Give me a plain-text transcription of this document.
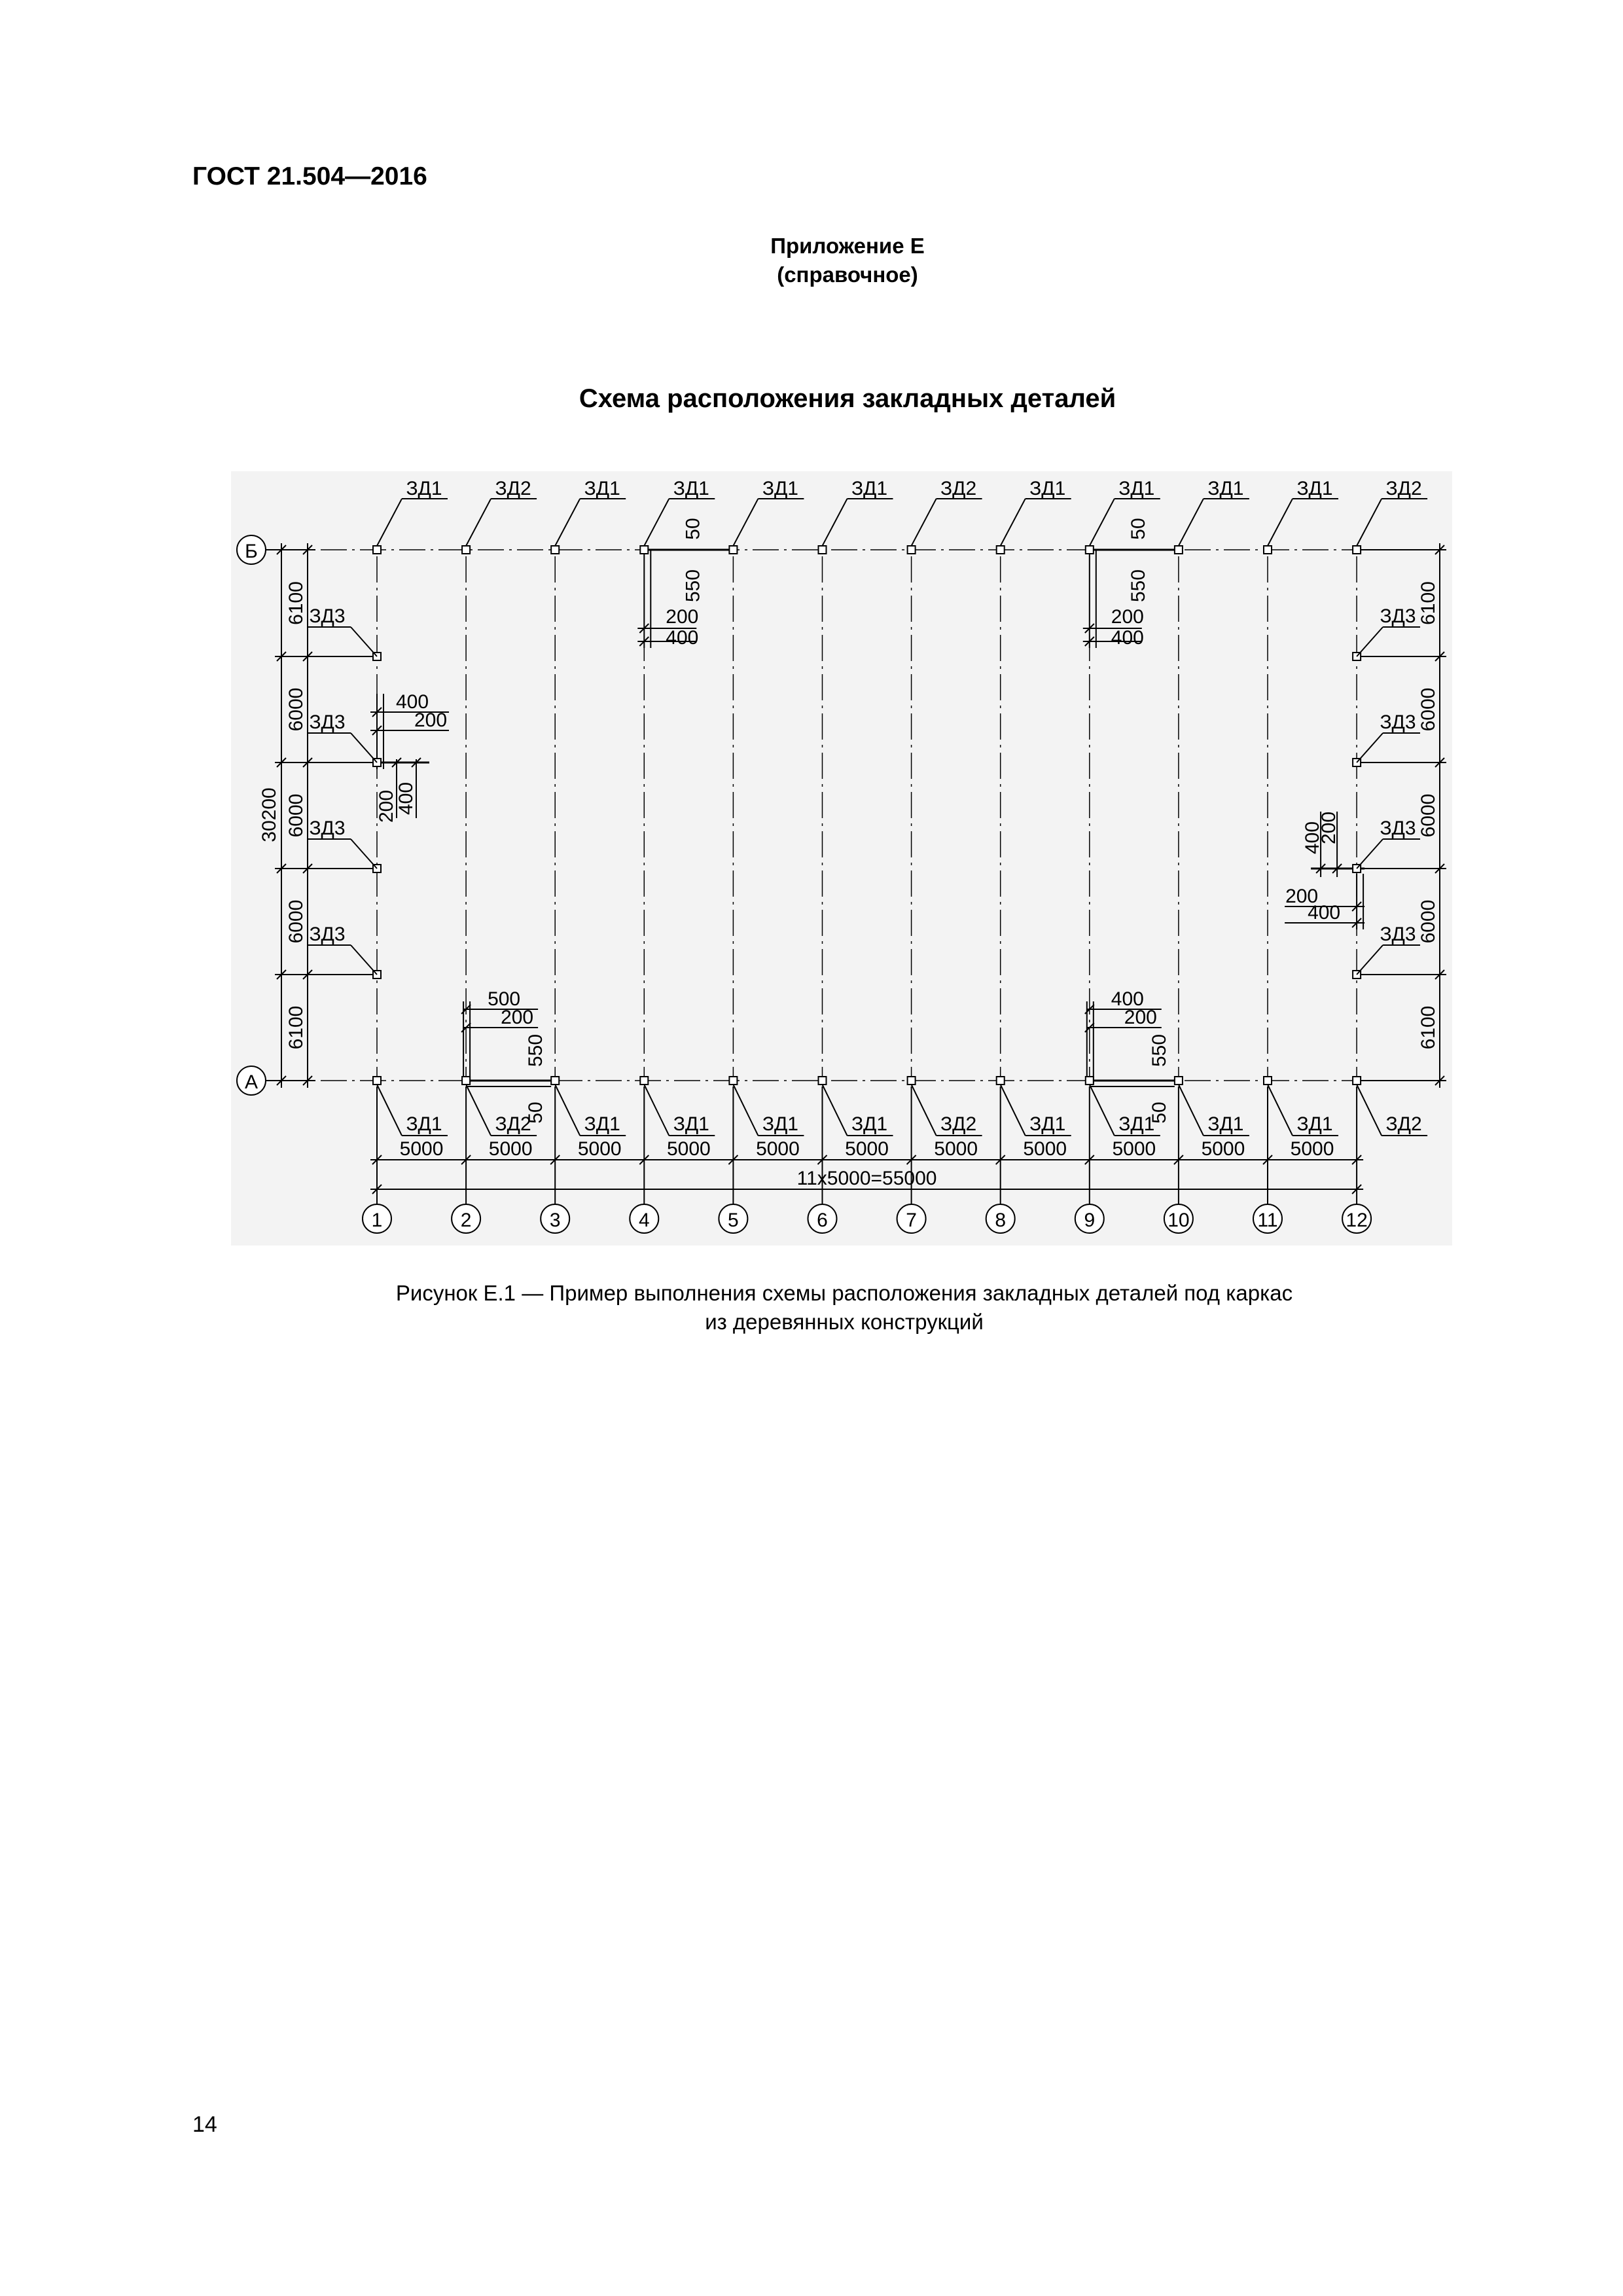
ГОСТ 21.504—2016
Приложение Е
(справочное)
Схема расположения закладных деталей
ЗД1	ЗД2	ЗД1	ЗД1	ЗД1	ЗД1	ЗД2	ЗД1	ЗД1	ЗД1	ЗД1	ЗД2
ЗД1	ЗД2	ЗД1	ЗД1	ЗД1	ЗД1	ЗД2	ЗД1	ЗД1	ЗД1	ЗД1	ЗД2
ЗД3	ЗД3
ЗД3	ЗД3
ЗД3	ЗД3
ЗД3	ЗД3
6100
6000
6000
6000
6100
30200
6100
6000
6000
6000
6100
5000 5000 5000 5000 5000 5000 5000 5000 5000 5000 5000
11х5000=55000
1	2	3	4	5	6	7	8	9	10	11	12
Б
А
50
550
200
400
50
550
200
400
400
200
200
400
400
200
200
400
500
200
550
50
400
200
550
50
Рисунок Е.1 — Пример выполнения схемы расположения закладных деталей под каркас
из деревянных конструкций
14
